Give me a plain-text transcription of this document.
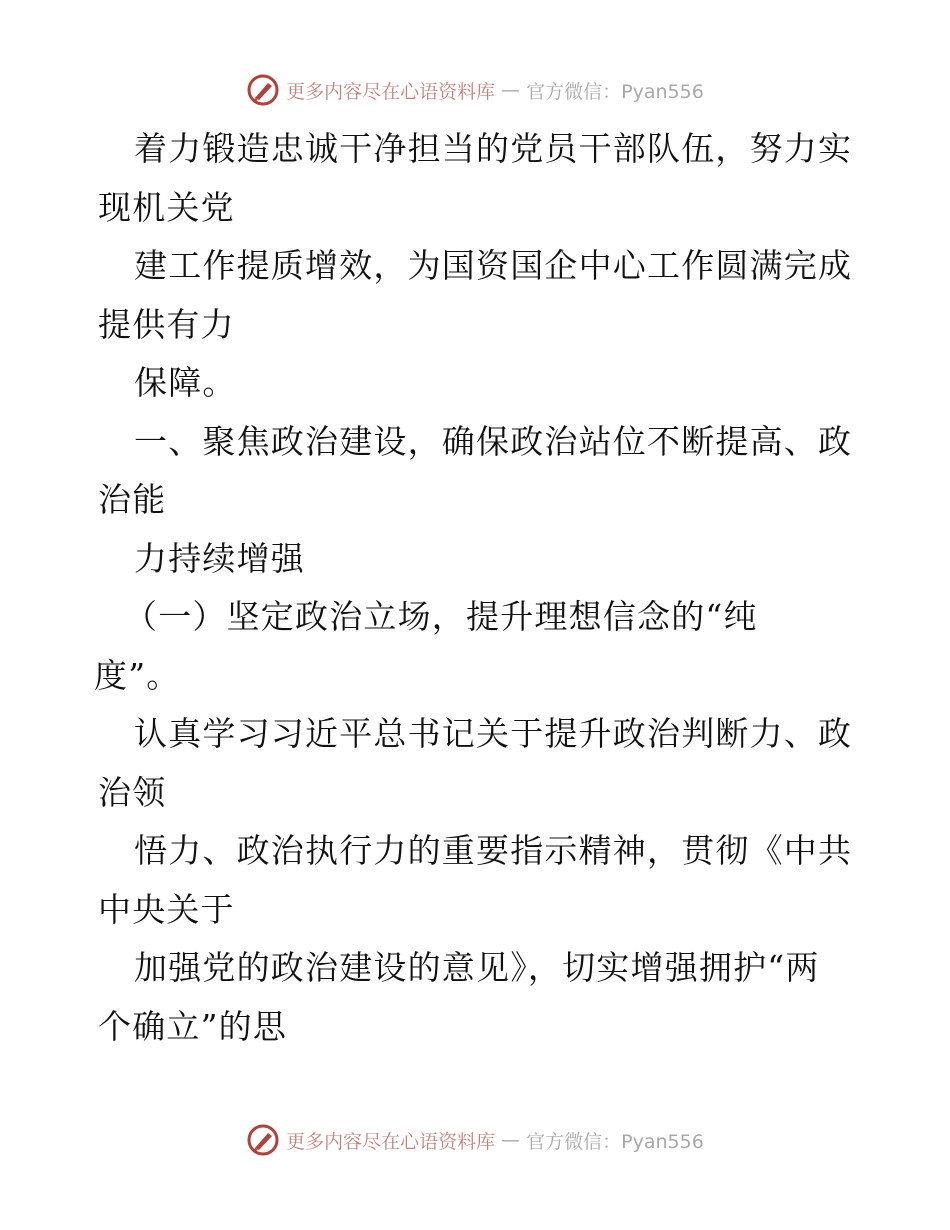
更多内容尽在心语资料库 — 官方微信：Pyan556
着力锻造忠诚干净担当的党员干部队伍，努力实
现机关党
建工作提质增效，为国资国企中心工作圆满完成
提供有力
保障。
一、聚焦政治建设，确保政治站位不断提高、政
治能
力持续增强
（一）坚定政治立场，提升理想信念的“纯
度”。
认真学习习近平总书记关于提升政治判断力、政
治领
悟力、政治执行力的重要指示精神，贯彻《中共
中央关于
加强党的政治建设的意见》，切实增强拥护“两
个确立”的思
更多内容尽在心语资料库 — 官方微信：Pyan556
